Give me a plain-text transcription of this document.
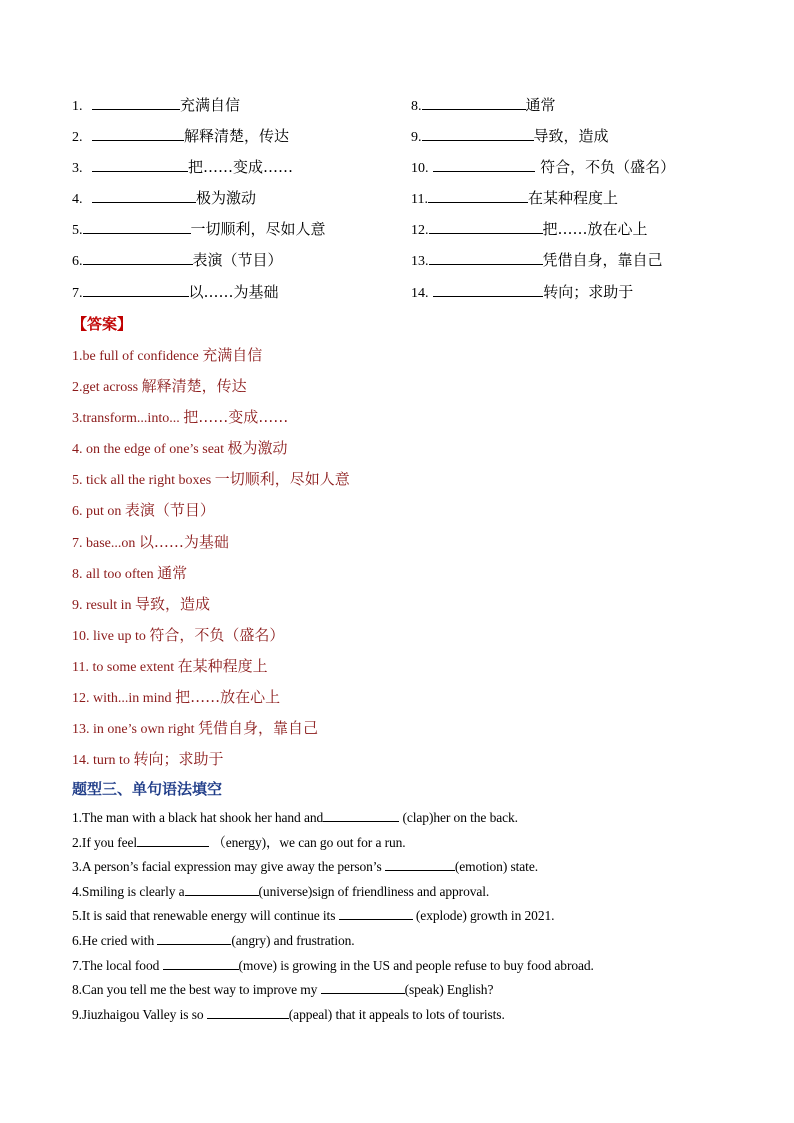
1.	充满自信
2.	解释清楚，传达
3.	把……变成……
4.	极为激动
5.	一切顺利，尽如人意
6.	表演（节目）
7.	以……为基础
8.	通常
9.	导致，造成
10.	符合，不负（盛名）
11.	在某种程度上
12.	把……放在心上
13.	凭借自身，靠自己
14.	转向；求助于
【答案】
1.be full of confidence 充满自信
2.get across 解释清楚，传达
3.transform...into... 把……变成……
4. on the edge of one’s seat 极为激动
5. tick all the right boxes 一切顺利，尽如人意
6. put on 表演（节目）
7. base...on 以……为基础
8. all too often 通常
9. result in 导致，造成
10. live up to 符合，不负（盛名）
11. to some extent 在某种程度上
12. with...in mind 把……放在心上
13. in one’s own right 凭借自身，靠自己
14. turn to 转向；求助于
题型三、单句语法填空
1.The man with a black hat shook her hand and	(clap)her on the back.
2.If you feel	（energy)，we can go out for a run.
3.A person’s facial expression may give away the person’s	(emotion) state.
4.Smiling is clearly a	(universe)sign of friendliness and approval.
5.It is said that renewable energy will continue its	(explode) growth in 2021.
6.He cried with	(angry) and frustration.
7.The local food	(move) is growing in the US and people refuse to buy food abroad.
8.Can you tell me the best way to improve my	(speak) English?
9.Jiuzhaigou Valley is so	(appeal) that it appeals to lots of tourists.
